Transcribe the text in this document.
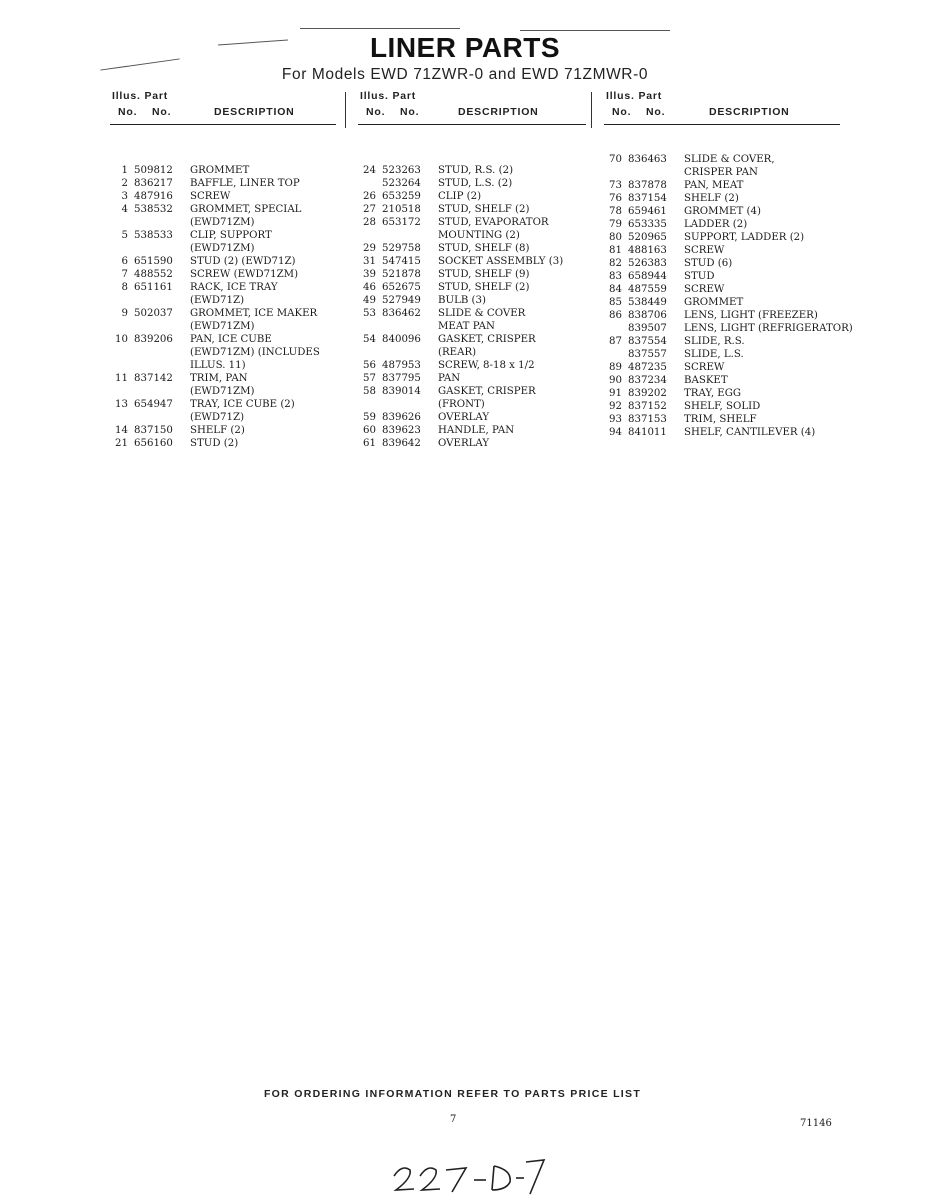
LINER PARTS
For Models EWD 71ZWR-0 and EWD 71ZMWR-0
Illus. Part
No. No.	DESCRIPTION

1 509812	GROMMET
2 836217	BAFFLE, LINER TOP
3 487916	SCREW
4 538532	GROMMET, SPECIAL

(EWD71ZM)
5 538533	CLIP, SUPPORT

(EWD71ZM)
6 651590	STUD (2) (EWD71Z)
7 488552	SCREW (EWD71ZM)
8 651161	RACK, ICE TRAY

(EWD71Z)
9 502037	GROMMET, ICE MAKER

(EWD71ZM)
10 839206	PAN, ICE CUBE

(EWD71ZM) (INCLUDES

ILLUS. 11)
11 837142	TRIM, PAN

(EWD71ZM)
13 654947	TRAY, ICE CUBE (2)

(EWD71Z)
14 837150	SHELF (2)
21 656160	STUD (2)
Illus. Part
No. No.	DESCRIPTION
24 523263	STUD, R.S. (2)

523264	STUD, L.S. (2)
26 653259	CLIP (2)
27 210518	STUD, SHELF (2)
28 653172	STUD, EVAPORATOR

MOUNTING (2)
29 529758	STUD, SHELF (8)
31 547415	SOCKET ASSEMBLY (3)
39 521878	STUD, SHELF (9)
46 652675	STUD, SHELF (2)
49 527949	BULB (3)
53 836462	SLIDE & COVER

MEAT PAN
54 840096	GASKET, CRISPER

(REAR)
56 487953	SCREW, 8-18 x 1/2
57 837795	PAN
58 839014	GASKET, CRISPER

(FRONT)
59 839626	OVERLAY
60 839623	HANDLE, PAN
61 839642	OVERLAY
Illus. Part
No. No.	DESCRIPTION
70 836463	SLIDE & COVER,

CRISPER PAN
73 837878	PAN, MEAT
76 837154	SHELF (2)
78 659461	GROMMET (4)
79 653335	LADDER (2)
80 520965	SUPPORT, LADDER (2)
81 488163	SCREW
82 526383	STUD (6)
83 658944	STUD
84 487559	SCREW
85 538449	GROMMET
86 838706	LENS, LIGHT (FREEZER)

839507	LENS, LIGHT (REFRIGERATOR)
87 837554	SLIDE, R.S.

837557	SLIDE, L.S.
89 487235	SCREW
90 837234	BASKET
91 839202	TRAY, EGG
92 837152	SHELF, SOLID
93 837153	TRIM, SHELF
94 841011	SHELF, CANTILEVER (4)
FOR ORDERING INFORMATION REFER TO PARTS PRICE LIST
7	71146
